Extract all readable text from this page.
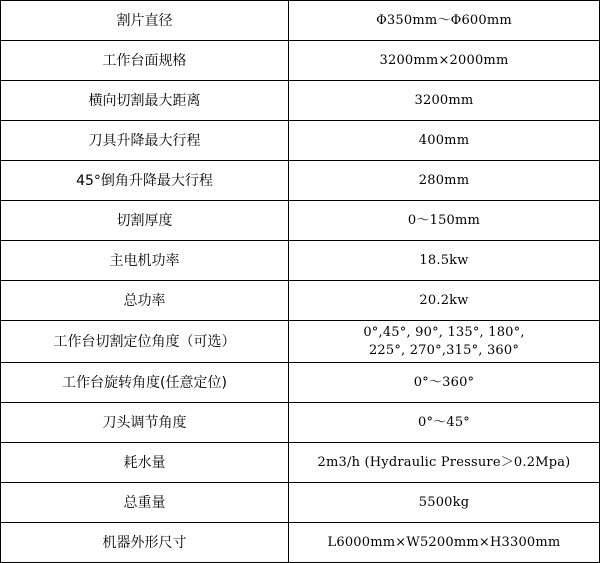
割片直径	Φ350mm～Φ600mm

工作台面规格	3200mm×2000mm

横向切割最大距离	3200mm

刀具升降最大行程	400mm

45°倒角升降最大行程	280mm

切割厚度	0～150mm

主电机功率	18.5kw

总功率	20.2kw

工作台切割定位角度（可选）	0°,45°, 90°, 135°, 180°,
225°, 270°,315°, 360°

工作台旋转角度(任意定位)	0°～360°

刀头调节角度	0°～45°

耗水量	2m3/h (Hydraulic Pressure＞0.2Mpa)

总重量	5500kg

机器外形尺寸	L6000mm×W5200mm×H3300mm
